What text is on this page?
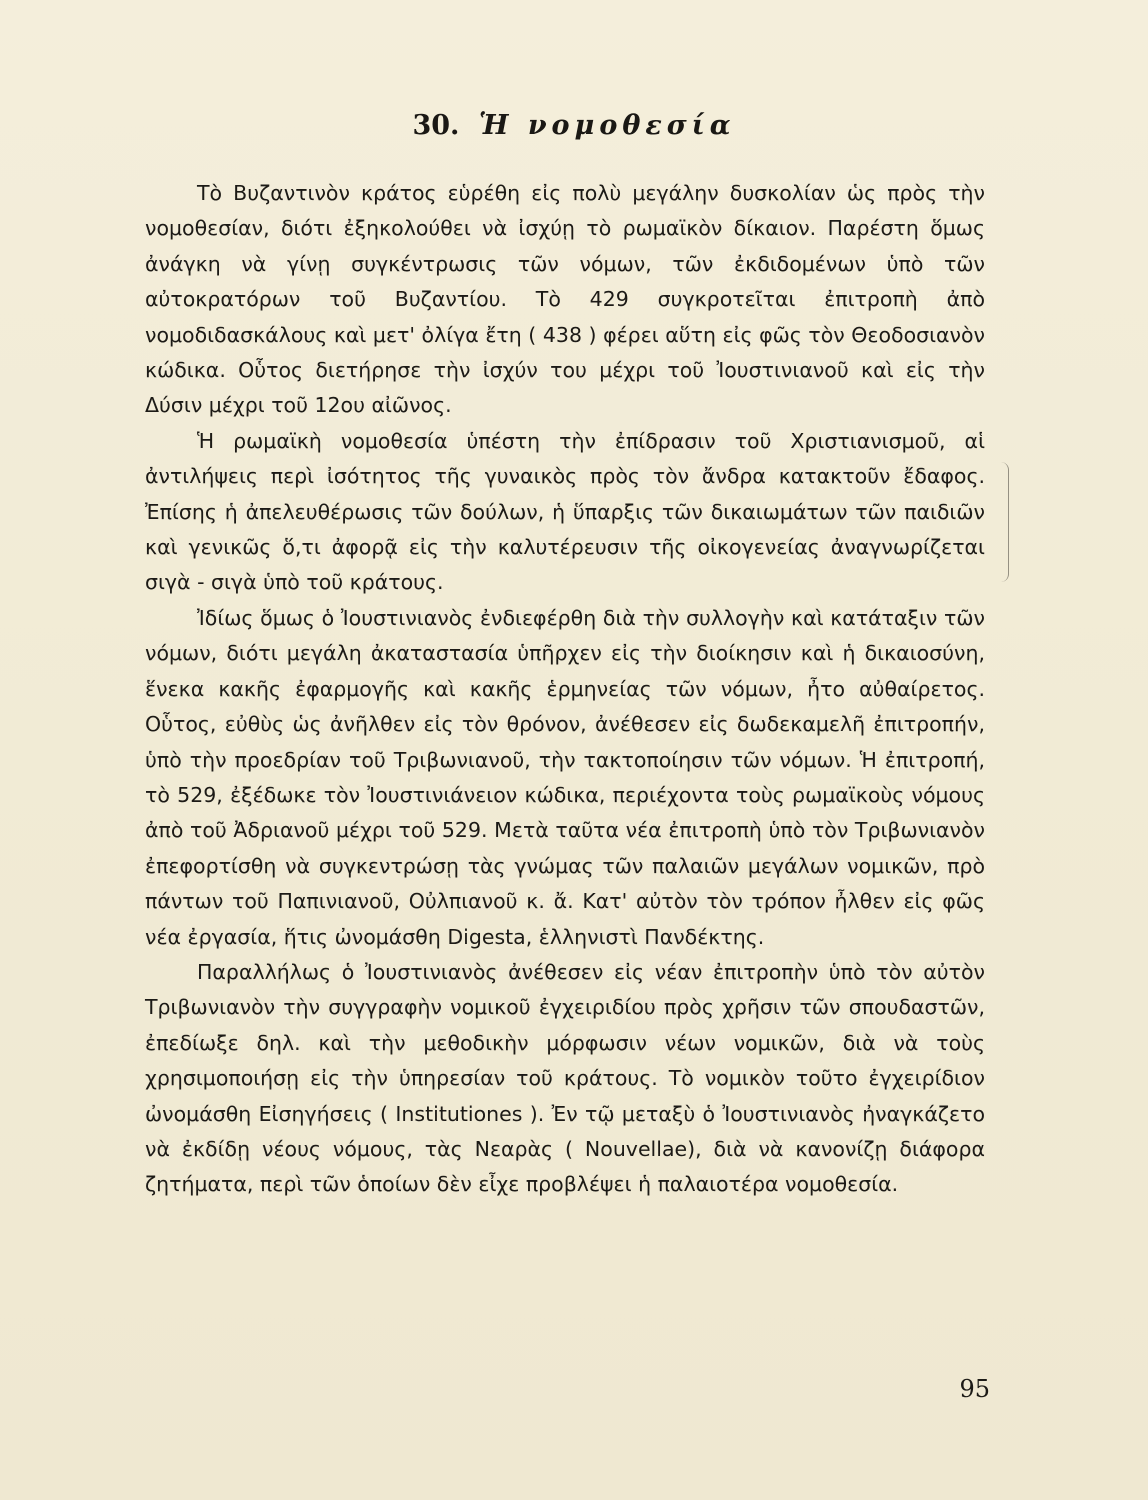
30. Ἡ νομοθεσία

Τὸ Βυζαντινὸν κράτος εὑρέθη εἰς πολὺ μεγάλην δυσκολίαν ὡς πρὸς τὴν νομοθεσίαν, διότι ἐξηκολούθει νὰ ἰσχύῃ τὸ ρωμαϊκὸν δίκαιον. Παρέστη ὅμως ἀνάγκη νὰ γίνῃ συγκέντρωσις τῶν νόμων, τῶν ἐκδιδομένων ὑπὸ τῶν αὐτοκρατόρων τοῦ Βυζαντίου. Τὸ 429 συγκροτεῖται ἐπιτροπὴ ἀπὸ νομοδιδασκάλους καὶ μετ' ὀλίγα ἔτη ( 438 ) φέρει αὕτη εἰς φῶς τὸν Θεοδοσιανὸν κώδικα. Οὗτος διετήρησε τὴν ἰσχύν του μέχρι τοῦ Ἰουστινιανοῦ καὶ εἰς τὴν Δύσιν μέχρι τοῦ 12ου αἰῶνος.

Ἡ ρωμαϊκὴ νομοθεσία ὑπέστη τὴν ἐπίδρασιν τοῦ Χριστιανισμοῦ, αἱ ἀντιλήψεις περὶ ἰσότητος τῆς γυναικὸς πρὸς τὸν ἄνδρα κατακτοῦν ἔδαφος. Ἐπίσης ἡ ἀπελευθέρωσις τῶν δούλων, ἡ ὕπαρξις τῶν δικαιωμάτων τῶν παιδιῶν καὶ γενικῶς ὅ,τι ἀφορᾷ εἰς τὴν καλυτέρευσιν τῆς οἰκογενείας ἀναγνωρίζεται σιγὰ - σιγὰ ὑπὸ τοῦ κράτους.

Ἰδίως ὅμως ὁ Ἰουστινιανὸς ἐνδιεφέρθη διὰ τὴν συλλογὴν καὶ κατάταξιν τῶν νόμων, διότι μεγάλη ἀκαταστασία ὑπῆρχεν εἰς τὴν διοίκησιν καὶ ἡ δικαιοσύνη, ἕνεκα κακῆς ἐφαρμογῆς καὶ κακῆς ἑρμηνείας τῶν νόμων, ἦτο αὐθαίρετος. Οὗτος, εὐθὺς ὡς ἀνῆλθεν εἰς τὸν θρόνον, ἀνέθεσεν εἰς δωδεκαμελῆ ἐπιτροπήν, ὑπὸ τὴν προεδρίαν τοῦ Τριβωνιανοῦ, τὴν τακτοποίησιν τῶν νόμων. Ἡ ἐπιτροπή, τὸ 529, ἐξέδωκε τὸν Ἰουστινιάνειον κώδικα, περιέχοντα τοὺς ρωμαϊκοὺς νόμους ἀπὸ τοῦ Ἀδριανοῦ μέχρι τοῦ 529. Μετὰ ταῦτα νέα ἐπιτροπὴ ὑπὸ τὸν Τριβωνιανὸν ἐπεφορτίσθη νὰ συγκεντρώσῃ τὰς γνώμας τῶν παλαιῶν μεγάλων νομικῶν, πρὸ πάντων τοῦ Παπινιανοῦ, Οὐλπιανοῦ κ. ἄ. Κατ' αὐτὸν τὸν τρόπον ἦλθεν εἰς φῶς νέα ἐργασία, ἥτις ὠνομάσθη Digesta, ἑλληνιστὶ Πανδέκτης.

Παραλλήλως ὁ Ἰουστινιανὸς ἀνέθεσεν εἰς νέαν ἐπιτροπὴν ὑπὸ τὸν αὐτὸν Τριβωνιανὸν τὴν συγγραφὴν νομικοῦ ἐγχειριδίου πρὸς χρῆσιν τῶν σπουδαστῶν, ἐπεδίωξε δηλ. καὶ τὴν μεθοδικὴν μόρφωσιν νέων νομικῶν, διὰ νὰ τοὺς χρησιμοποιήσῃ εἰς τὴν ὑπηρεσίαν τοῦ κράτους. Τὸ νομικὸν τοῦτο ἐγχειρίδιον ὠνομάσθη Εἰσηγήσεις ( Institutiones ). Ἐν τῷ μεταξὺ ὁ Ἰουστινιανὸς ἠναγκάζετο νὰ ἐκδίδῃ νέους νόμους, τὰς Νεαρὰς ( Nouvellae), διὰ νὰ κανονίζῃ διάφορα ζητήματα, περὶ τῶν ὁποίων δὲν εἶχε προβλέψει ἡ παλαιοτέρα νομοθεσία.

95
